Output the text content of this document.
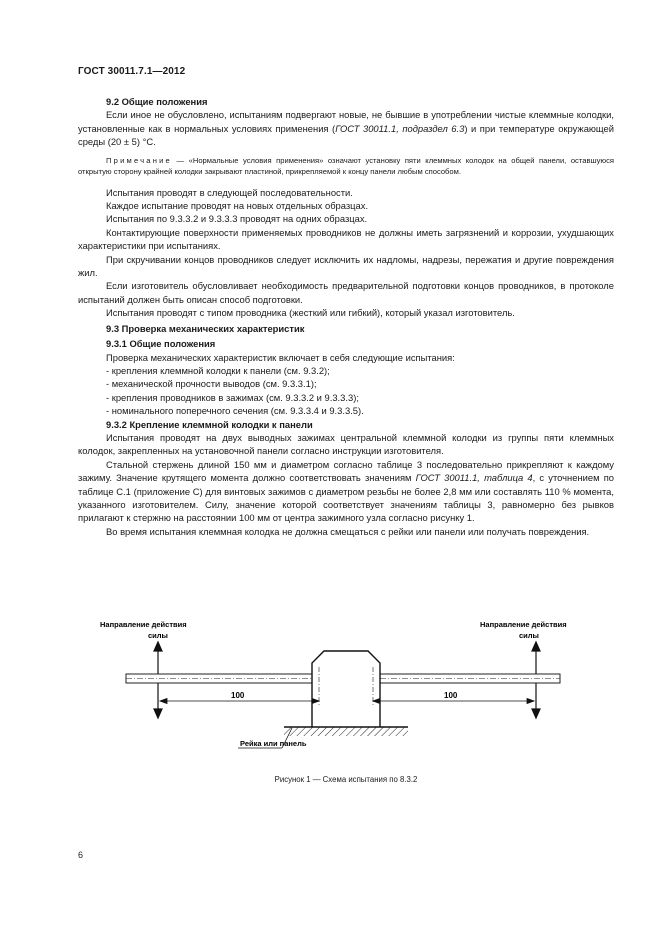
ГОСТ 30011.7.1—2012

9.2 Общие положения

Если иное не обусловлено, испытаниям подвергают новые, не бывшие в употреблении чистые клеммные колодки, установленные как в нормальных условиях применения (ГОСТ 30011.1, подраздел 6.3) и при температуре окружающей среды (20 ± 5) °С.

Примечание — «Нормальные условия применения» означают установку пяти клеммных колодок на общей панели, оставшуюся открытую сторону крайней колодки закрывают пластиной, прикрепляемой к концу панели любым способом.

Испытания проводят в следующей последовательности.

Каждое испытание проводят на новых отдельных образцах.

Испытания по 9.3.3.2 и 9.3.3.3 проводят на одних образцах.

Контактирующие поверхности применяемых проводников не должны иметь загрязнений и коррозии, ухудшающих характеристики при испытаниях.

При скручивании концов проводников следует исключить их надломы, надрезы, пережатия и другие повреждения жил.

Если изготовитель обусловливает необходимость предварительной подготовки концов проводников, в протоколе испытаний должен быть описан способ подготовки.

Испытания проводят с типом проводника (жесткий или гибкий), который указал изготовитель.

9.3 Проверка механических характеристик

9.3.1 Общие положения

Проверка механических характеристик включает в себя следующие испытания:

- крепления клеммной колодки к панели (см. 9.3.2);

- механической прочности выводов (см. 9.3.3.1);

- крепления проводников в зажимах (см. 9.3.3.2 и 9.3.3.3);

- номинального поперечного сечения (см. 9.3.3.4 и 9.3.3.5).

9.3.2 Крепление клеммной колодки к панели

Испытания проводят на двух выводных зажимах центральной клеммной колодки из группы пяти клеммных колодок, закрепленных на установочной панели согласно инструкции изготовителя.

Стальной стержень длиной 150 мм и диаметром согласно таблице 3 последовательно прикрепляют к каждому зажиму. Значение крутящего момента должно соответствовать значениям ГОСТ 30011.1, таблица 4, с уточнением по таблице С.1 (приложение С) для винтовых зажимов с диаметром резьбы не более 2,8 мм или составлять 110 % момента, указанного изготовителем. Силу, значение которой соответствует значениям таблицы 3, равномерно без рывков прилагают к стержню на расстоянии 100 мм от центра зажимного узла согласно рисунку 1.

Во время испытания клеммная колодка не должна смещаться с рейки или панели или получать повреждения.

Направление действия
силы
Направление действия
силы
100	100
Рейка или панель
Рисунок 1 — Схема испытания по 8.3.2
6
